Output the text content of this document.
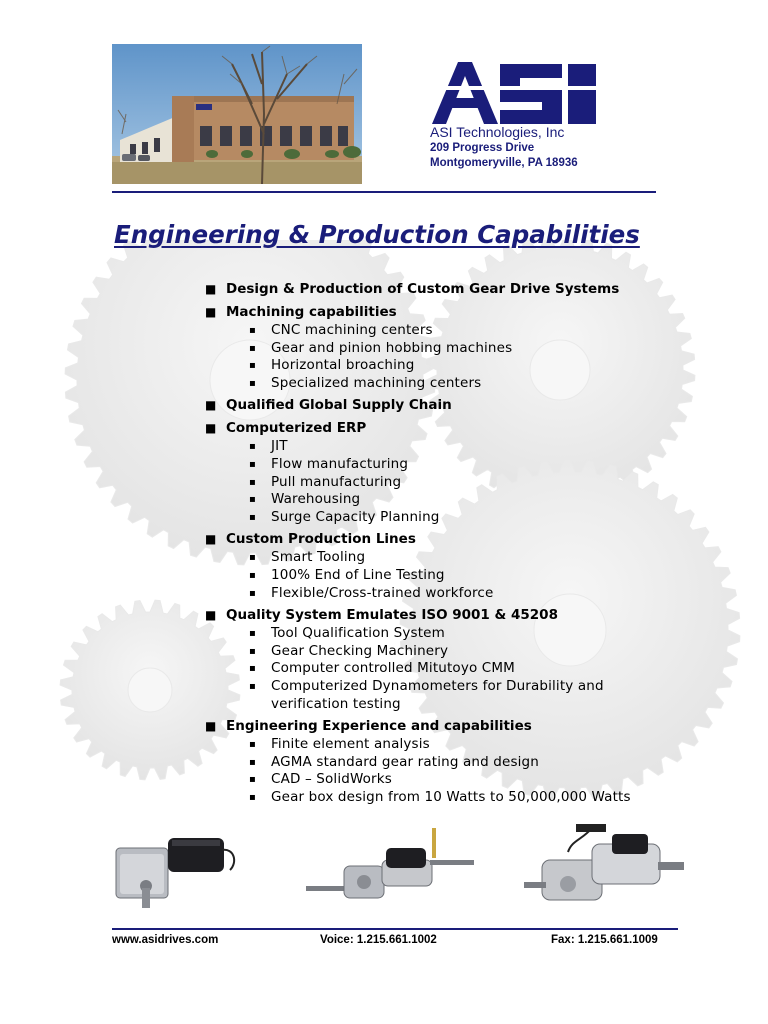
ASI Technologies, Inc
209 Progress Drive
Montgomeryville, PA 18936
Engineering & Production Capabilities
■ Design & Production of Custom Gear Drive Systems
■ Machining capabilities
▪ CNC machining centers
▪ Gear and pinion hobbing machines
▪ Horizontal broaching
▪ Specialized machining centers
■ Qualified Global Supply Chain
■ Computerized ERP
▪ JIT
▪ Flow manufacturing
▪ Pull manufacturing
▪ Warehousing
▪ Surge Capacity Planning
■ Custom Production Lines
▪ Smart Tooling
▪ 100% End of Line Testing
▪ Flexible/Cross-trained workforce
■ Quality System Emulates ISO 9001 & 45208
▪ Tool Qualification System
▪ Gear Checking Machinery
▪ Computer controlled Mitutoyo CMM
▪ Computerized Dynamometers for Durability and
verification testing
■ Engineering Experience and capabilities
▪ Finite element analysis
▪ AGMA standard gear rating and design
▪ CAD – SolidWorks
▪ Gear box design from 10 Watts to 50,000,000 Watts
www.asidrives.com	Voice: 1.215.661.1002	Fax: 1.215.661.1009
